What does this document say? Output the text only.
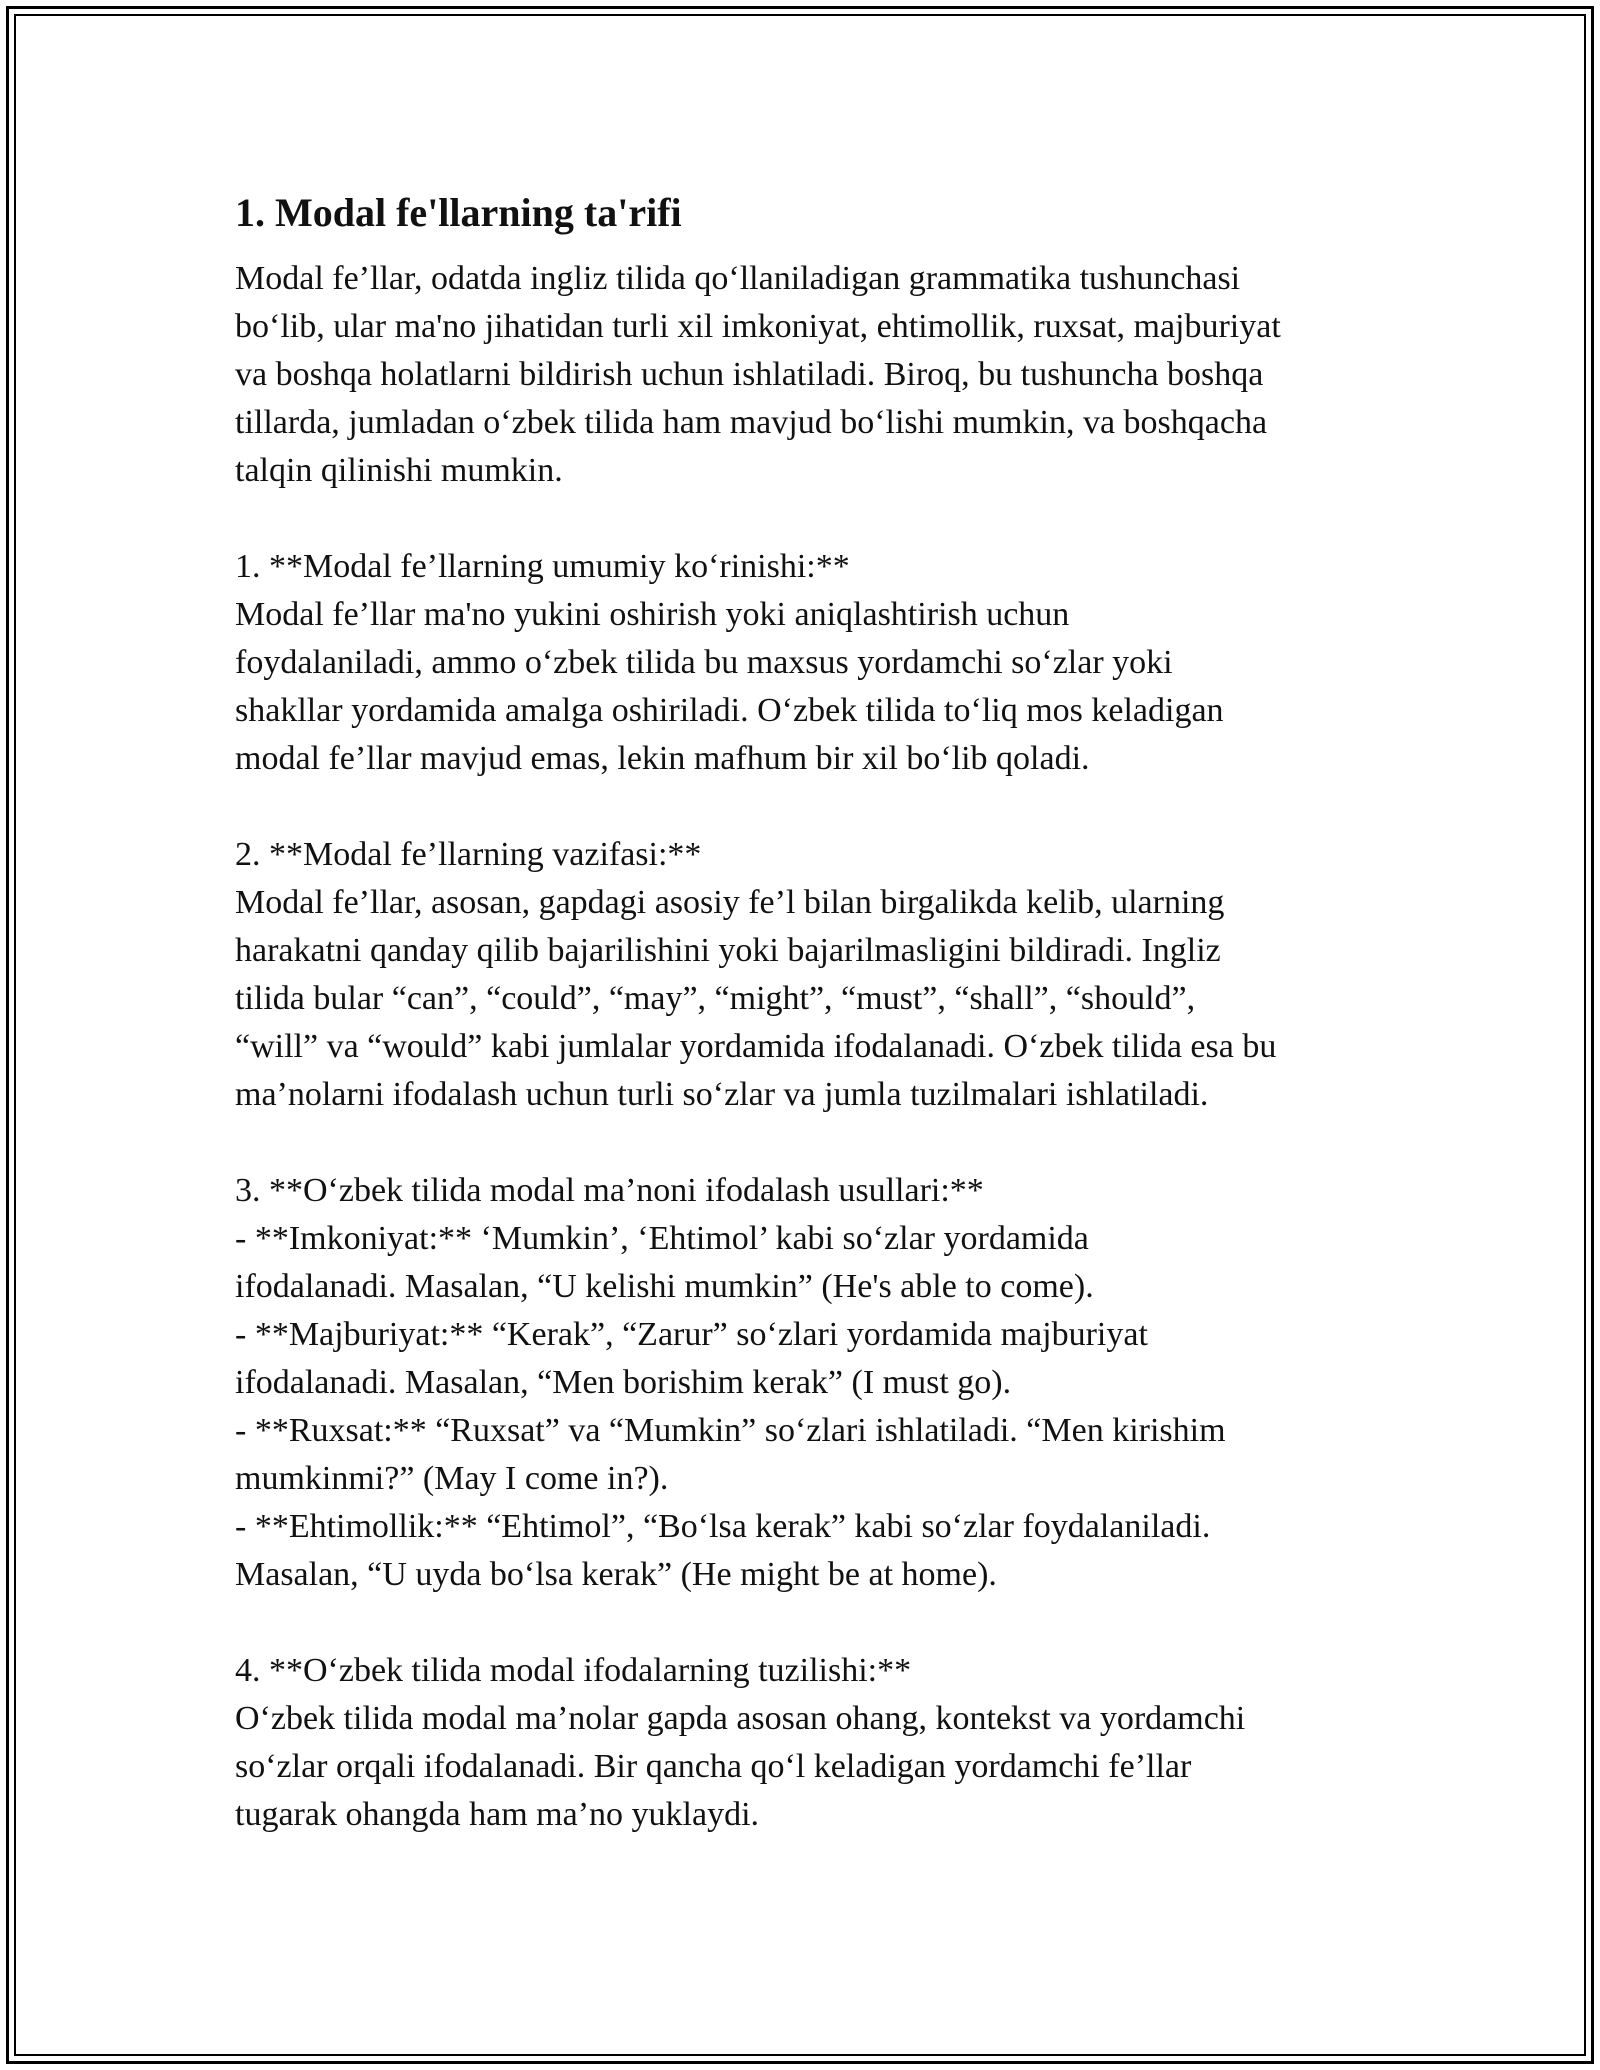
1. Modal fe'llarning ta'rifi

Modal fe’llar, odatda ingliz tilida qo‘llaniladigan grammatika tushunchasi
bo‘lib, ular ma'no jihatidan turli xil imkoniyat, ehtimollik, ruxsat, majburiyat
va boshqa holatlarni bildirish uchun ishlatiladi. Biroq, bu tushuncha boshqa
tillarda, jumladan o‘zbek tilida ham mavjud bo‘lishi mumkin, va boshqacha
talqin qilinishi mumkin.

1. **Modal fe’llarning umumiy ko‘rinishi:**
Modal fe’llar ma'no yukini oshirish yoki aniqlashtirish uchun
foydalaniladi, ammo o‘zbek tilida bu maxsus yordamchi so‘zlar yoki
shakllar yordamida amalga oshiriladi. O‘zbek tilida to‘liq mos keladigan
modal fe’llar mavjud emas, lekin mafhum bir xil bo‘lib qoladi.

2. **Modal fe’llarning vazifasi:**
Modal fe’llar, asosan, gapdagi asosiy fe’l bilan birgalikda kelib, ularning
harakatni qanday qilib bajarilishini yoki bajarilmasligini bildiradi. Ingliz
tilida bular “can”, “could”, “may”, “might”, “must”, “shall”, “should”,
“will” va “would” kabi jumlalar yordamida ifodalanadi. O‘zbek tilida esa bu
ma’nolarni ifodalash uchun turli so‘zlar va jumla tuzilmalari ishlatiladi.

3. **O‘zbek tilida modal ma’noni ifodalash usullari:**
- **Imkoniyat:** ‘Mumkin’, ‘Ehtimol’ kabi so‘zlar yordamida
ifodalanadi. Masalan, “U kelishi mumkin” (He's able to come).
- **Majburiyat:** “Kerak”, “Zarur” so‘zlari yordamida majburiyat
ifodalanadi. Masalan, “Men borishim kerak” (I must go).
- **Ruxsat:** “Ruxsat” va “Mumkin” so‘zlari ishlatiladi. “Men kirishim
mumkinmi?” (May I come in?).
- **Ehtimollik:** “Ehtimol”, “Bo‘lsa kerak” kabi so‘zlar foydalaniladi.
Masalan, “U uyda bo‘lsa kerak” (He might be at home).

4. **O‘zbek tilida modal ifodalarning tuzilishi:**
O‘zbek tilida modal ma’nolar gapda asosan ohang, kontekst va yordamchi
so‘zlar orqali ifodalanadi. Bir qancha qo‘l keladigan yordamchi fe’llar
tugarak ohangda ham ma’no yuklaydi.
